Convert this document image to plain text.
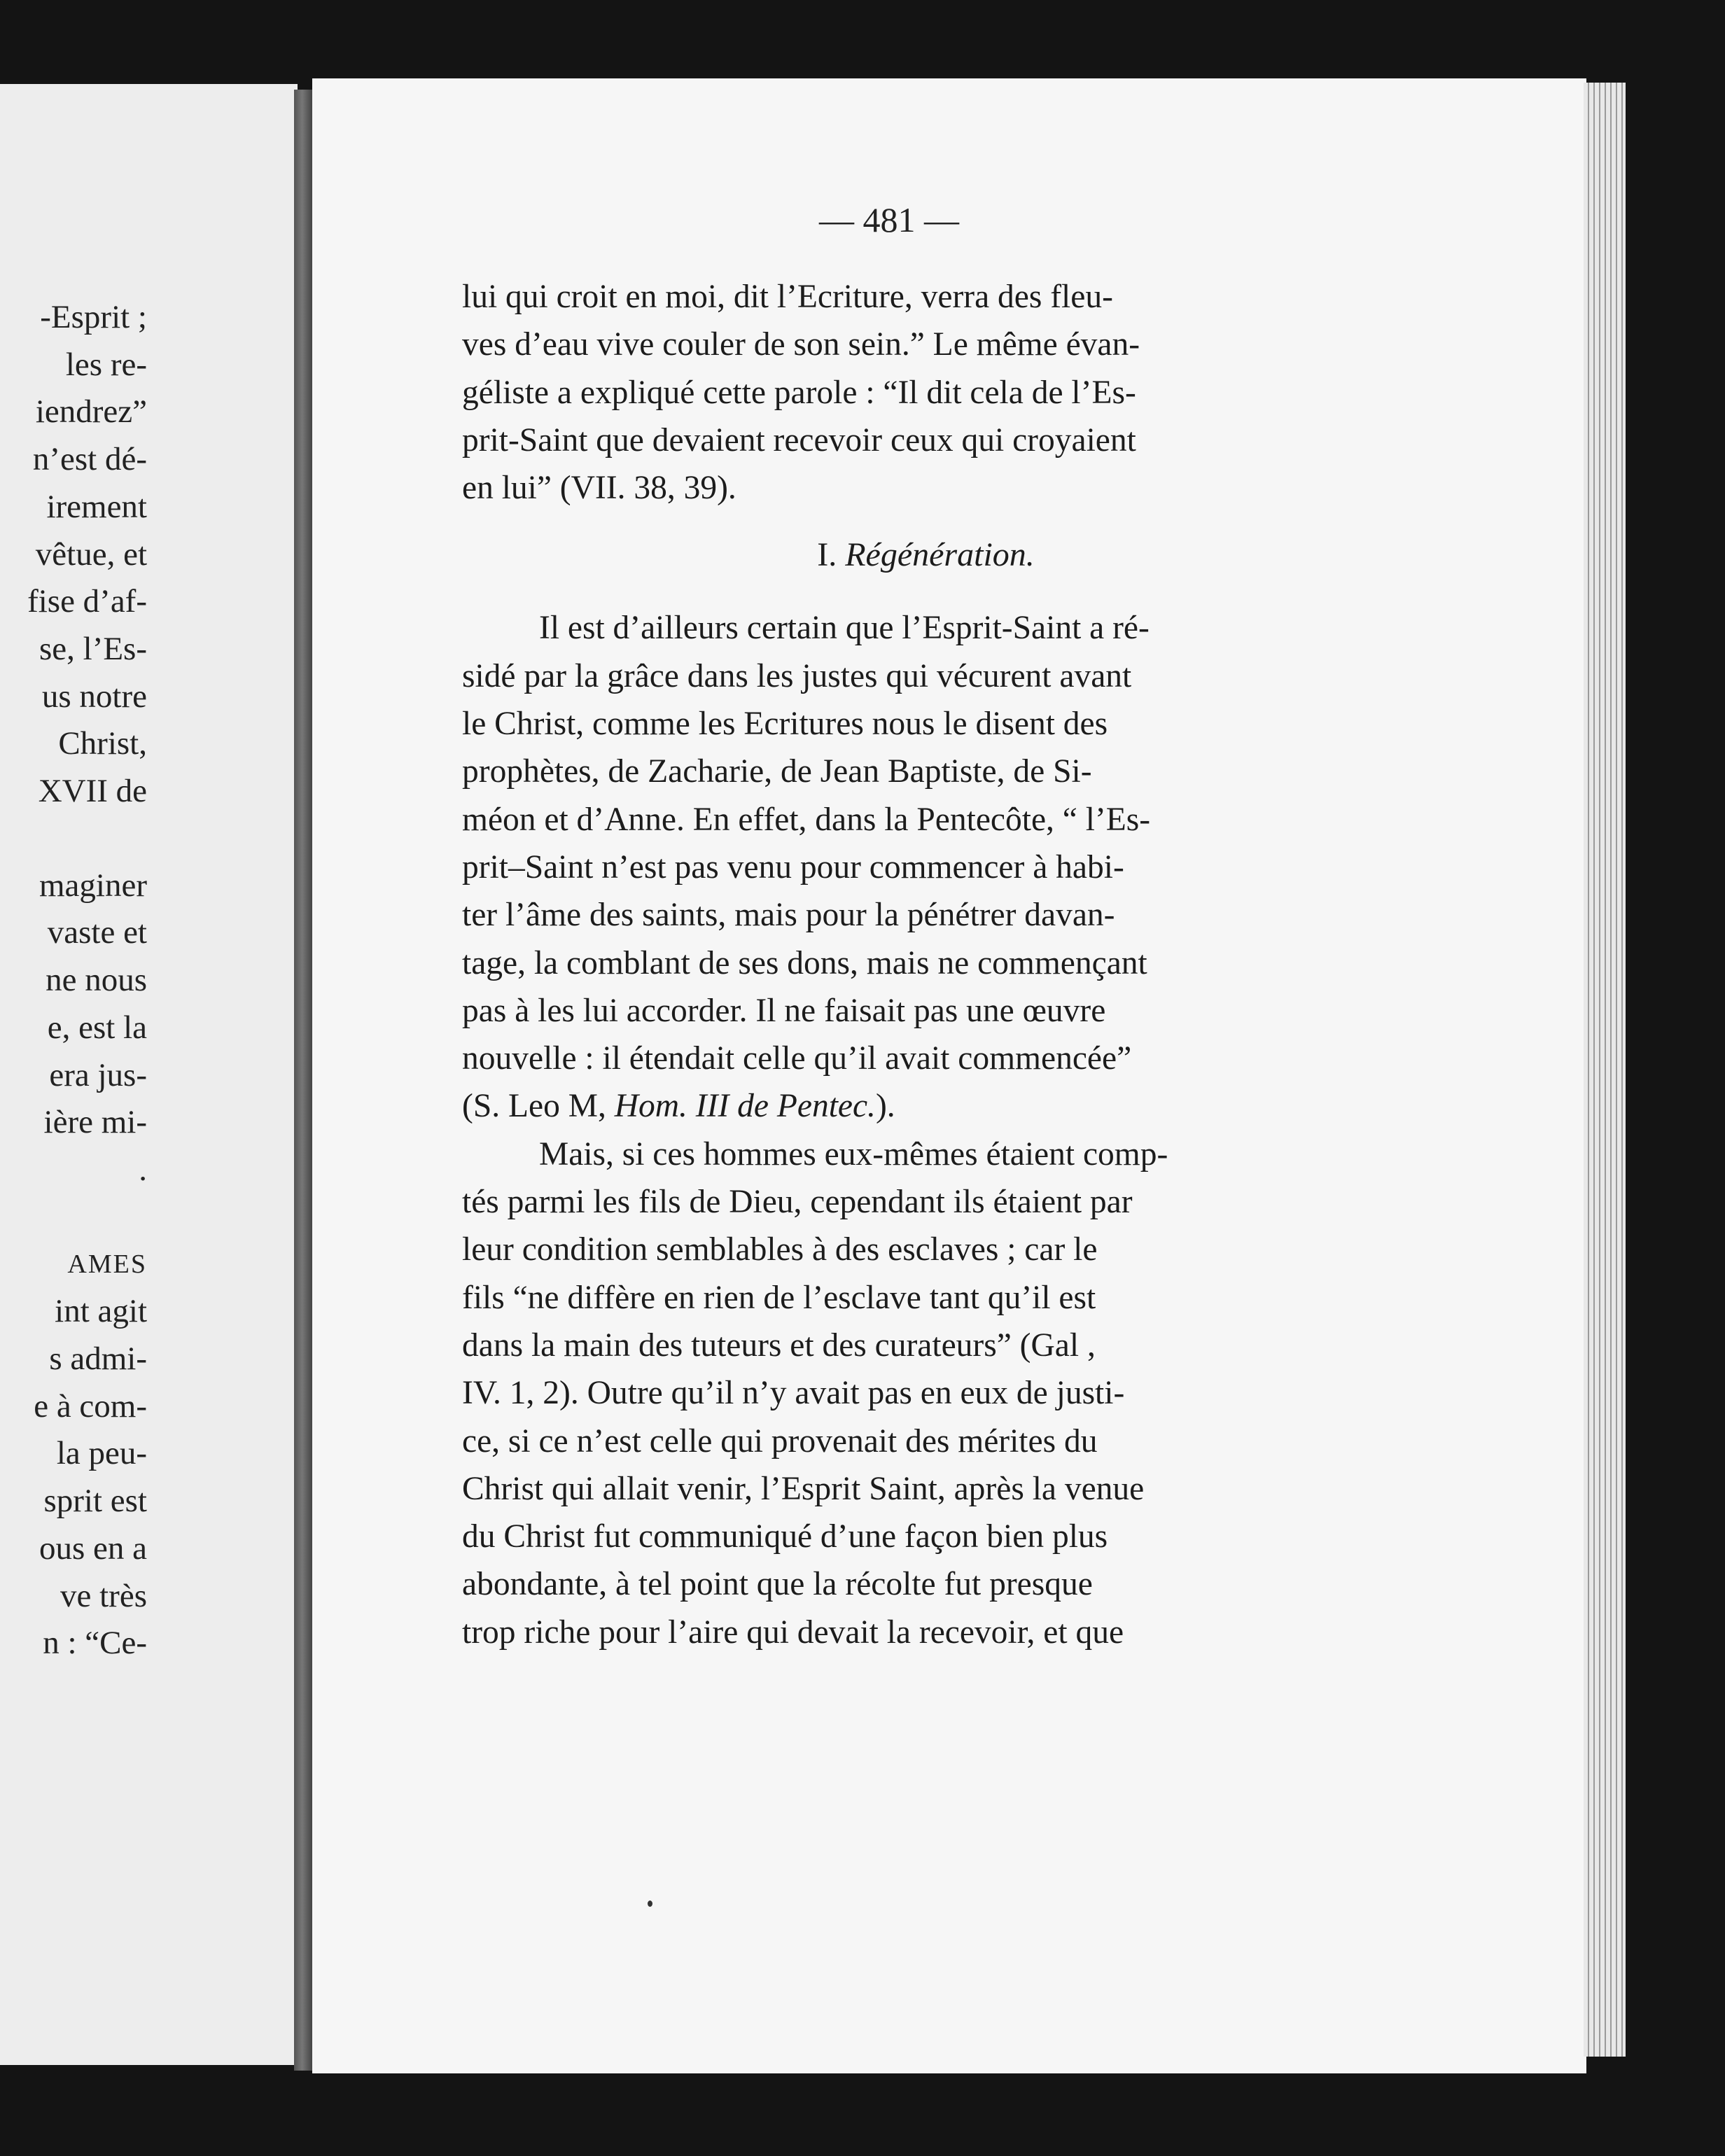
-Esprit ;
les re-
iendrez”
n’est dé-
irement
vêtue, et
fise d’af-
se, l’Es-
us notre
Christ,
XVII de
maginer
vaste et
ne nous
e, est la
era jus-
ière mi-
.
AMES
int agit
s admi-
e à com-
la peu-
sprit est
ous en a
ve très
n : “Ce-
— 481 —
lui qui croit en moi, dit l’Ecriture, verra des fleu-
ves d’eau vive couler de son sein.” Le même évan-
géliste a expliqué cette parole : “Il dit cela de l’Es-
prit-Saint que devaient recevoir ceux qui croyaient
en lui” (VII. 38, 39).
I. Régénération.
Il est d’ailleurs certain que l’Esprit-Saint a ré-
sidé par la grâce dans les justes qui vécurent avant
le Christ, comme les Ecritures nous le disent des
prophètes, de Zacharie, de Jean Baptiste, de Si-
méon et d’Anne. En effet, dans la Pentecôte, “ l’Es-
prit–Saint n’est pas venu pour commencer à habi-
ter l’âme des saints, mais pour la pénétrer davan-
tage, la comblant de ses dons, mais ne commençant
pas à les lui accorder. Il ne faisait pas une œuvre
nouvelle : il étendait celle qu’il avait commencée”
(S. Leo M,
Hom. III de Pentec. ).
Mais, si ces hommes eux-mêmes étaient comp-
tés parmi les fils de Dieu, cependant ils étaient par
leur condition semblables à des esclaves ; car le
fils “ne diffère en rien de l’esclave tant qu’il est
dans la main des tuteurs et des curateurs” (Gal ,
IV. 1, 2). Outre qu’il n’y avait pas en eux de justi-
ce, si ce n’est celle qui provenait des mérites du
Christ qui allait venir, l’Esprit Saint, après la venue
du Christ fut communiqué d’une façon bien plus
abondante, à tel point que la récolte fut presque
trop riche pour l’aire qui devait la recevoir, et que
